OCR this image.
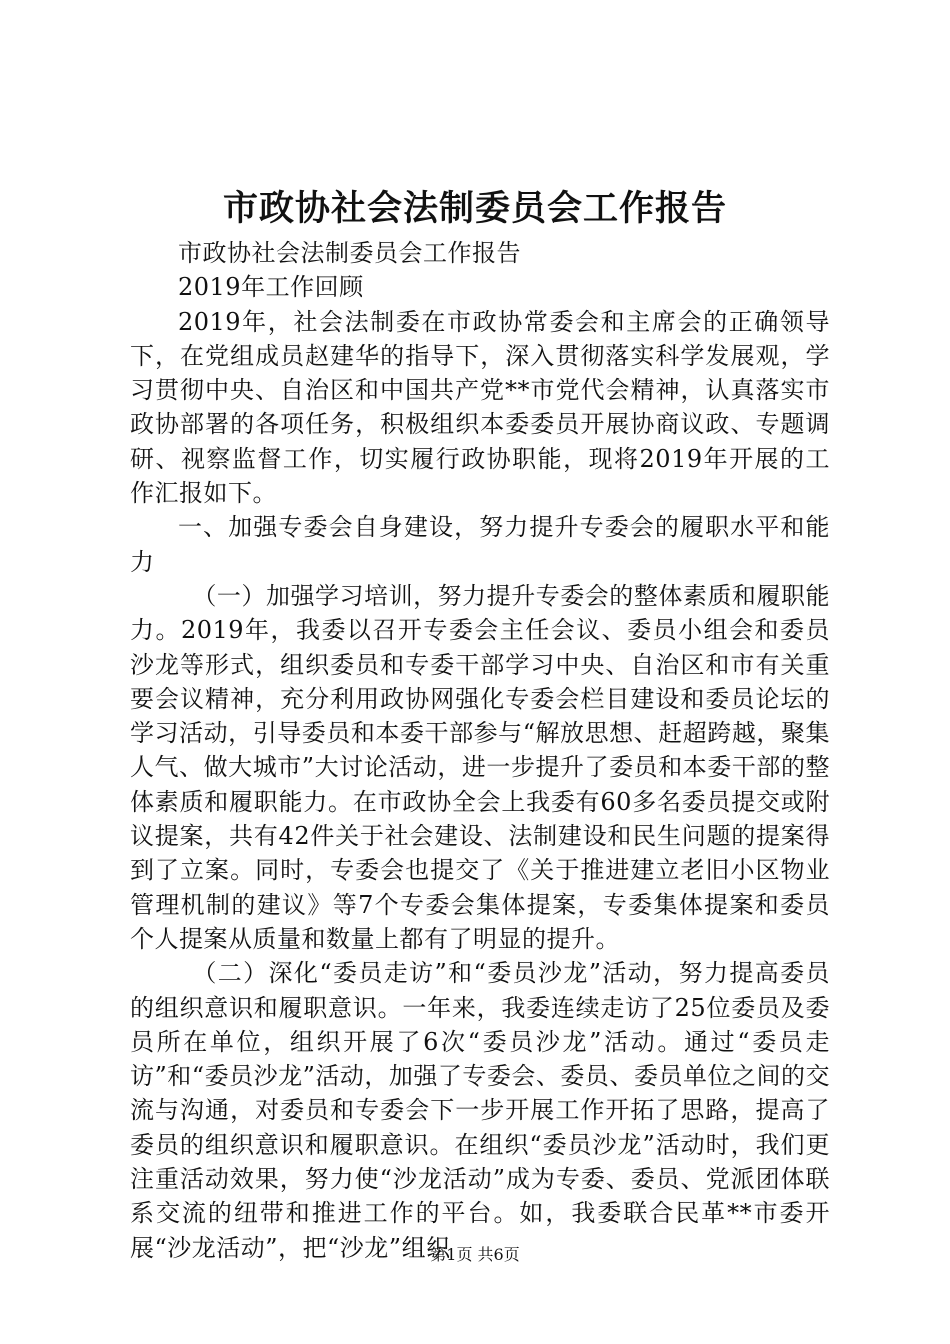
市政协社会法制委员会工作报告

市政协社会法制委员会工作报告

2019年工作回顾

2019年，社会法制委在市政协常委会和主席会的正确领导下，在党组成员赵建华的指导下，深入贯彻落实科学发展观，学习贯彻中央、自治区和中国共产党**市党代会精神，认真落实市政协部署的各项任务，积极组织本委委员开展协商议政、专题调研、视察监督工作，切实履行政协职能，现将2019年开展的工作汇报如下。

一、加强专委会自身建设，努力提升专委会的履职水平和能力

（一）加强学习培训，努力提升专委会的整体素质和履职能力。2019年，我委以召开专委会主任会议、委员小组会和委员沙龙等形式，组织委员和专委干部学习中央、自治区和市有关重要会议精神，充分利用政协网强化专委会栏目建设和委员论坛的学习活动，引导委员和本委干部参与“解放思想、赶超跨越，聚集人气、做大城市”大讨论活动，进一步提升了委员和本委干部的整体素质和履职能力。在市政协全会上我委有60多名委员提交或附议提案，共有42件关于社会建设、法制建设和民生问题的提案得到了立案。同时，专委会也提交了《关于推进建立老旧小区物业管理机制的建议》等7个专委会集体提案，专委集体提案和委员个人提案从质量和数量上都有了明显的提升。

（二）深化“委员走访”和“委员沙龙”活动，努力提高委员的组织意识和履职意识。一年来，我委连续走访了25位委员及委员所在单位，组织开展了6次“委员沙龙”活动。通过“委员走访”和“委员沙龙”活动，加强了专委会、委员、委员单位之间的交流与沟通，对委员和专委会下一步开展工作开拓了思路，提高了委员的组织意识和履职意识。在组织“委员沙龙”活动时，我们更注重活动效果，努力使“沙龙活动”成为专委、委员、党派团体联系交流的纽带和推进工作的平台。如，我委联合民革**市委开展“沙龙活动”，把“沙龙”组织

第1页 共6页
